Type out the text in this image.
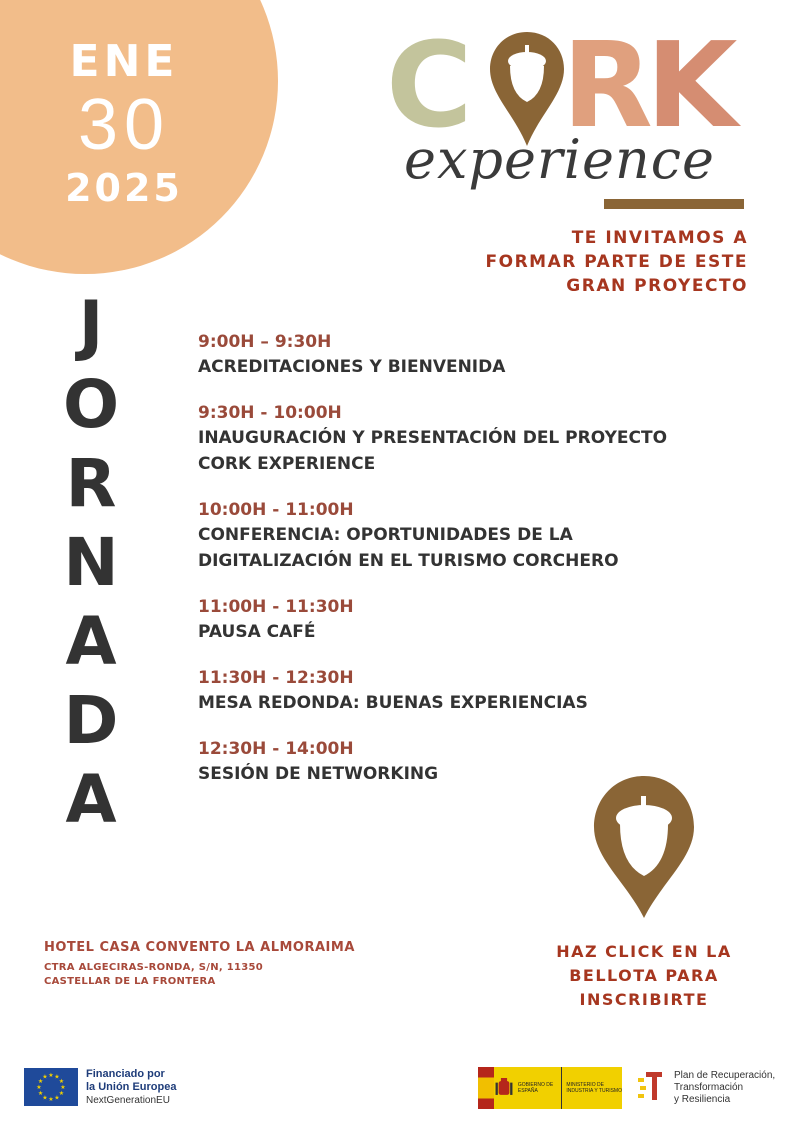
ENE
30
2025
C R
K
experience
TE INVITAMOS A
FORMAR PARTE DE ESTE
GRAN PROYECTO
J
O
R
N
A
D
A
9:00H – 9:30H
ACREDITACIONES Y BIENVENIDA
9:30H - 10:00H
INAUGURACIÓN Y PRESENTACIÓN DEL PROYECTO
CORK EXPERIENCE
10:00H - 11:00H
CONFERENCIA: OPORTUNIDADES DE LA
DIGITALIZACIÓN EN EL TURISMO CORCHERO
11:00H - 11:30H
PAUSA CAFÉ
11:30H - 12:30H
MESA REDONDA: BUENAS EXPERIENCIAS
12:30H - 14:00H
SESIÓN DE NETWORKING
HOTEL CASA CONVENTO LA ALMORAIMA
CTRA ALGECIRAS-RONDA, S/N, 11350
CASTELLAR DE LA FRONTERA
HAZ CLICK EN LA
BELLOTA PARA
INSCRIBIRTE
★ ★
★
★
★
★
★
★
★
★
★
★	Financiado por
la Unión Europea
NextGenerationEU
GOBIERNO DE ESPAÑA
MINISTERIO DE INDUSTRIA Y TURISMO
Plan de Recuperación,
Transformación
y Resiliencia
